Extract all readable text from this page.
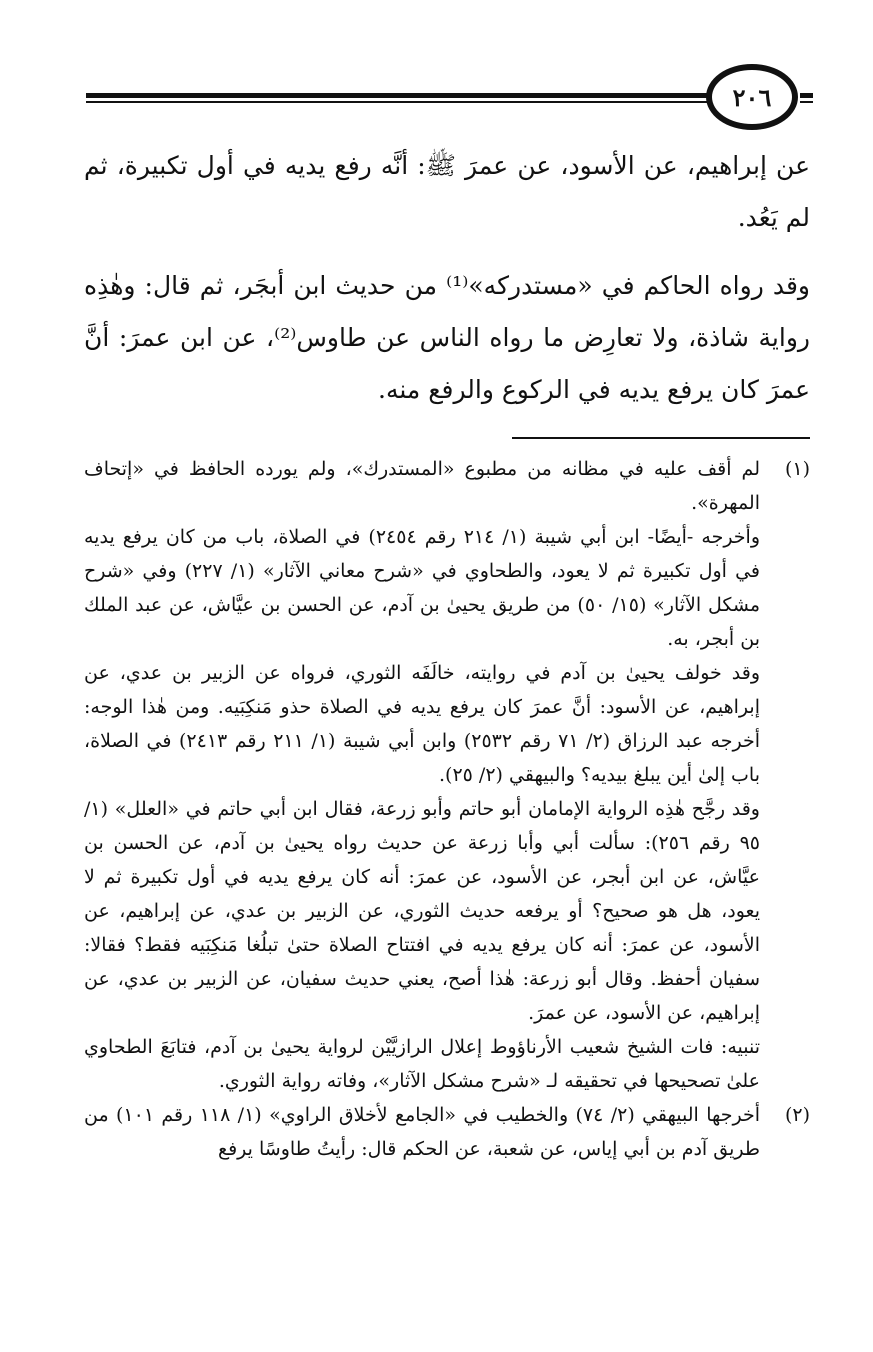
٢٠٦

عن إبراهيم، عن الأسود، عن عمرَ ﷺ: أنَّه رفع يديه في أول تكبيرة، ثم لم يَعُد.

وقد رواه الحاكم في «مستدركه»⁽¹⁾ من حديث ابن أبجَر، ثم قال: وهٰذِه رواية شاذة، ولا تعارِض ما رواه الناس عن طاوس⁽²⁾، عن ابن عمرَ: أنَّ عمرَ كان يرفع يديه في الركوع والرفع منه.

(١)

لم أقف عليه في مظانه من مطبوع «المستدرك»، ولم يورده الحافظ في «إتحاف المهرة».

وأخرجه -أيضًا- ابن أبي شيبة (١/ ٢١٤ رقم ٢٤٥٤) في الصلاة، باب من كان يرفع يديه في أول تكبيرة ثم لا يعود، والطحاوي في «شرح معاني الآثار» (١/ ٢٢٧) وفي «شرح مشكل الآثار» (١٥/ ٥٠) من طريق يحيىٰ بن آدم، عن الحسن بن عيَّاش، عن عبد الملك بن أبجر، به.

وقد خولف يحيىٰ بن آدم في روايته، خالَفَه الثوري، فرواه عن الزبير بن عدي، عن إبراهيم، عن الأسود: أنَّ عمرَ كان يرفع يديه في الصلاة حذو مَنكِبَيه. ومن هٰذا الوجه: أخرجه عبد الرزاق (٢/ ٧١ رقم ٢٥٣٢) وابن أبي شيبة (١/ ٢١١ رقم ٢٤١٣) في الصلاة، باب إلىٰ أين يبلغ بيديه؟ والبيهقي (٢/ ٢٥).

وقد رجَّح هٰذِه الرواية الإمامان أبو حاتم وأبو زرعة، فقال ابن أبي حاتم في «العلل» (١/ ٩٥ رقم ٢٥٦): سألت أبي وأبا زرعة عن حديث رواه يحيىٰ بن آدم، عن الحسن بن عيَّاش، عن ابن أبجر، عن الأسود، عن عمرَ: أنه كان يرفع يديه في أول تكبيرة ثم لا يعود، هل هو صحيح؟ أو يرفعه حديث الثوري، عن الزبير بن عدي، عن إبراهيم، عن الأسود، عن عمرَ: أنه كان يرفع يديه في افتتاح الصلاة حتىٰ تبلُغا مَنكِبَيه فقط؟ فقالا: سفيان أحفظ. وقال أبو زرعة: هٰذا أصح، يعني حديث سفيان، عن الزبير بن عدي، عن إبراهيم، عن الأسود، عن عمرَ.

تنبيه: فات الشيخ شعيب الأرناؤوط إعلال الرازيَّيْن لرواية يحيىٰ بن آدم، فتابَعَ الطحاوي علىٰ تصحيحها في تحقيقه لـ «شرح مشكل الآثار»، وفاته رواية الثوري.

(٢)

أخرجها البيهقي (٢/ ٧٤) والخطيب في «الجامع لأخلاق الراوي» (١/ ١١٨ رقم ١٠١) من طريق آدم بن أبي إياس، عن شعبة، عن الحكم قال: رأيتُ طاوسًا يرفع
